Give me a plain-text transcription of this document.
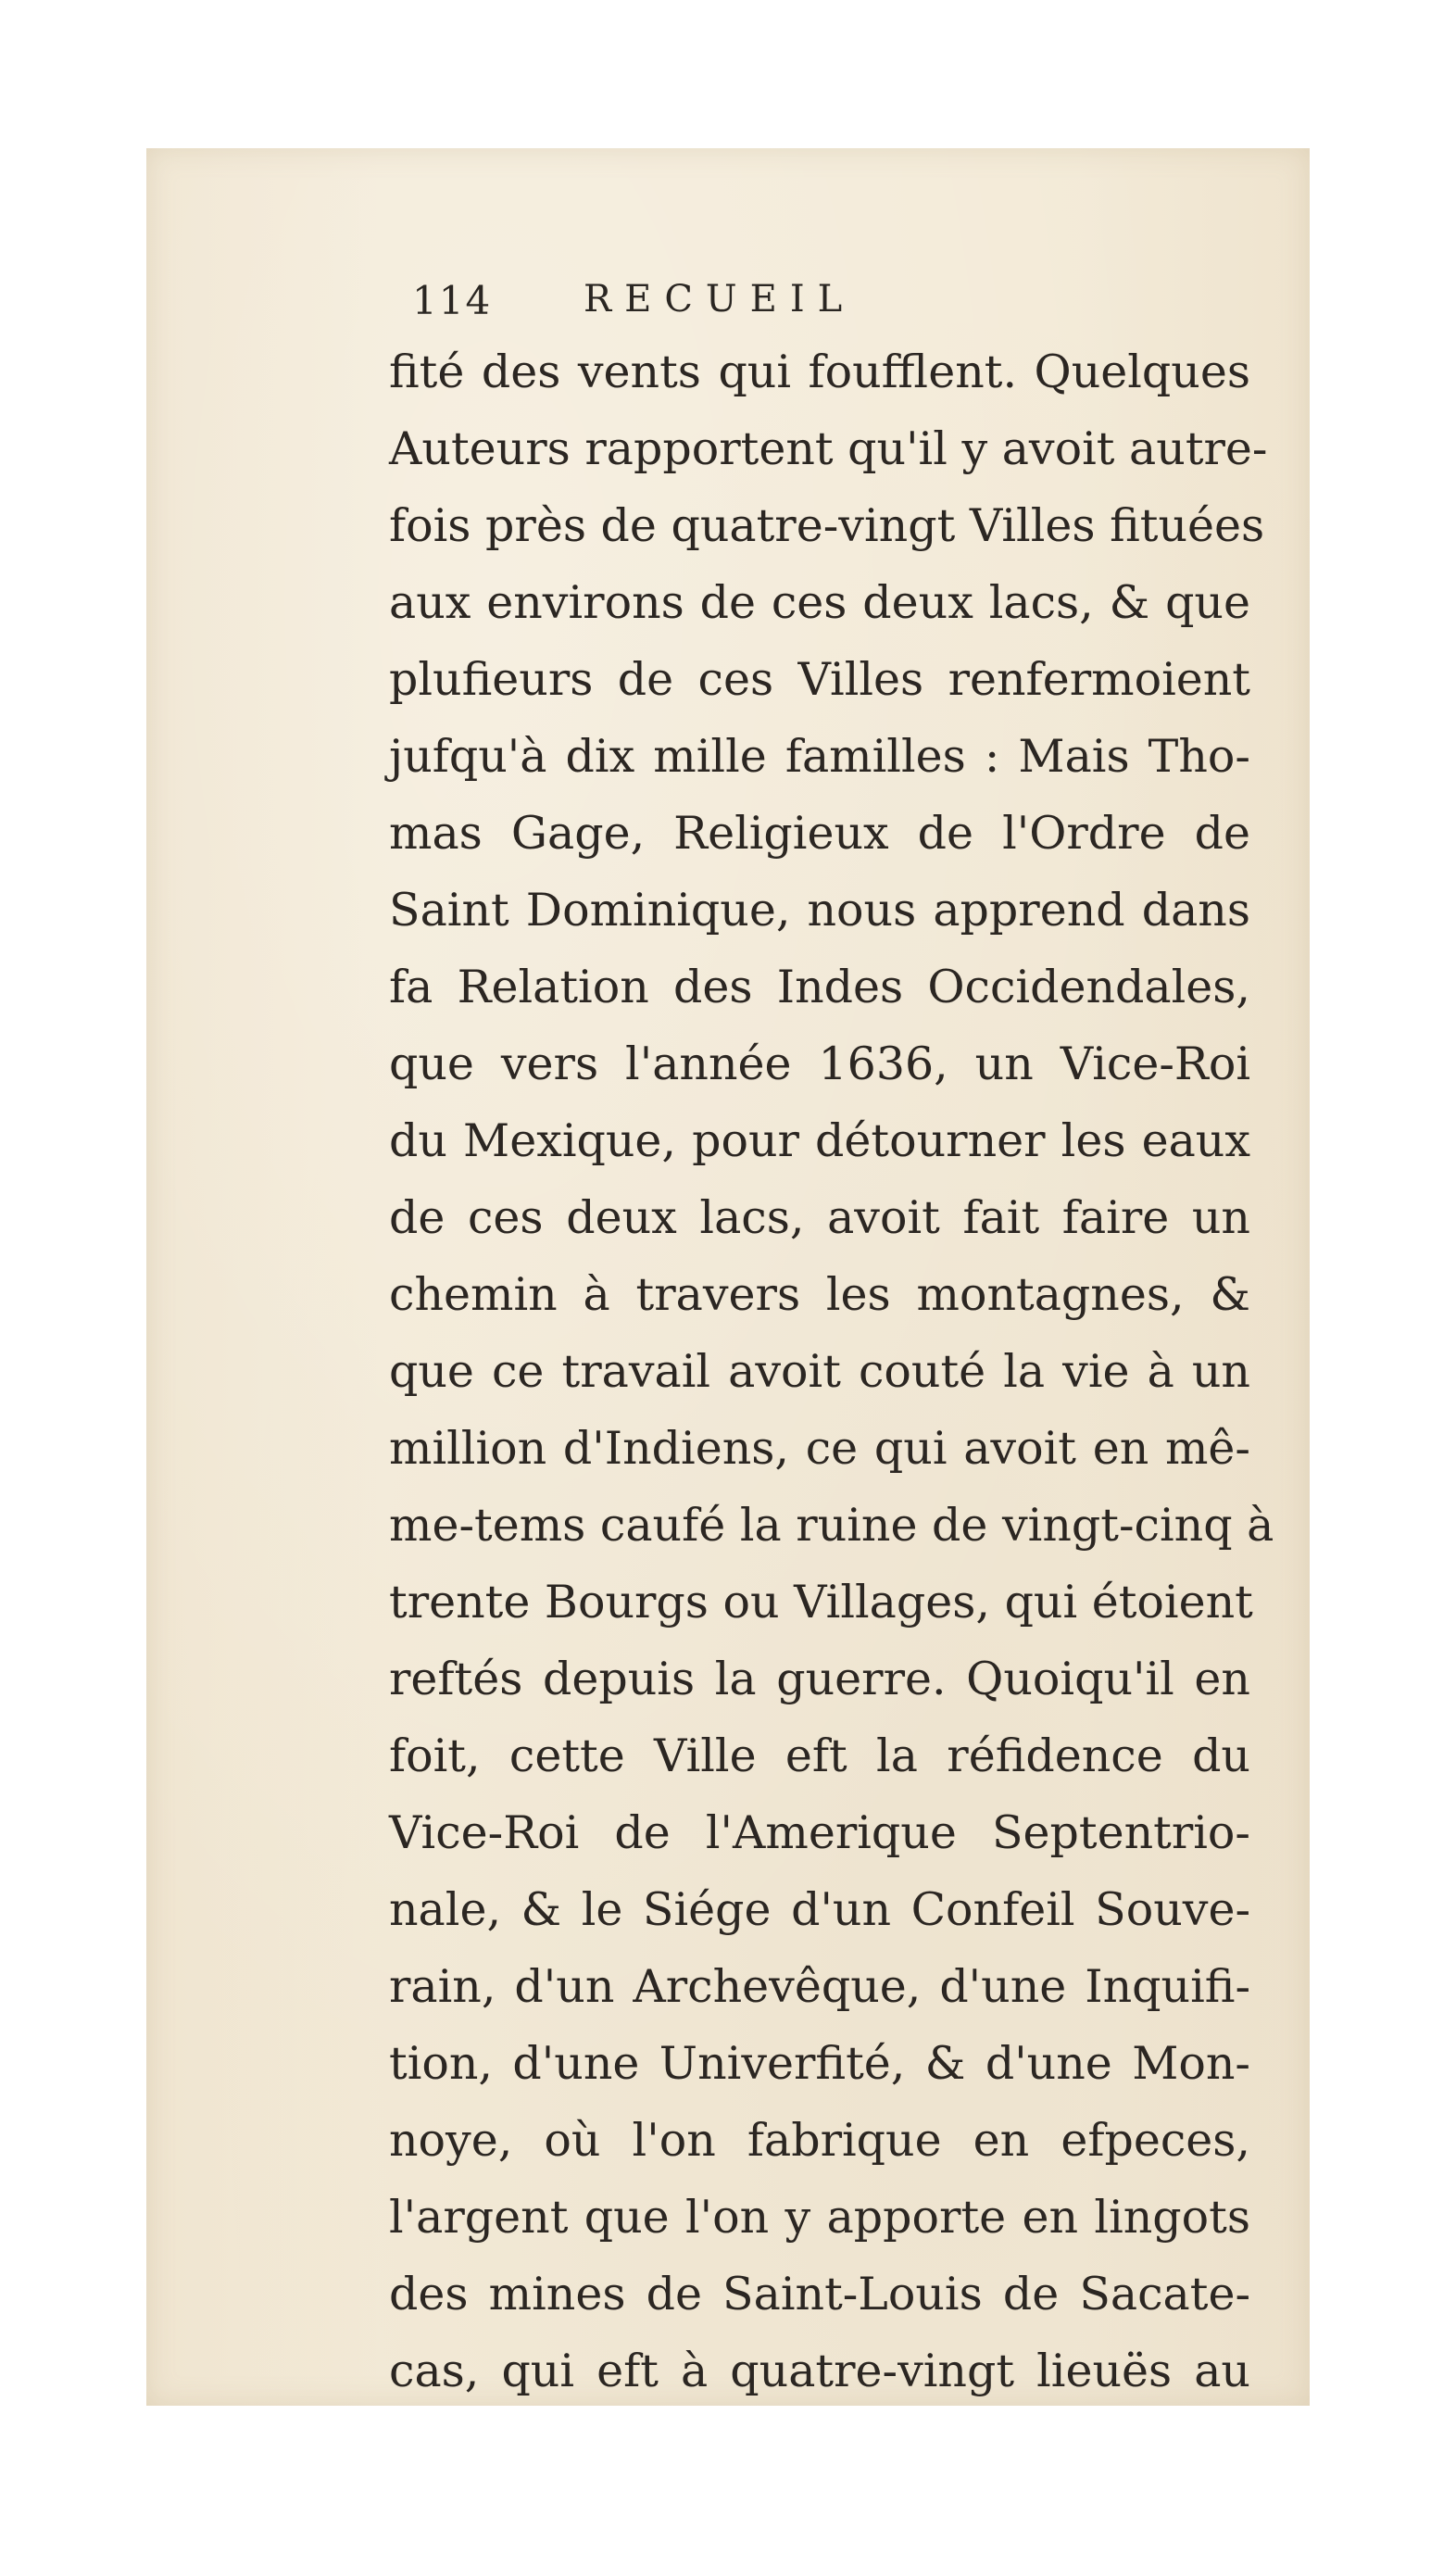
114 RECUEIL
fité des vents qui foufflent. Quelques
Auteurs rapportent qu'il y avoit autre-
fois près de quatre-vingt Villes fituées
aux environs de ces deux lacs, & que
plufieurs de ces Villes renfermoient
jufqu'à dix mille familles : Mais Tho-
mas Gage, Religieux de l'Ordre de
Saint Dominique, nous apprend dans
fa Relation des Indes Occidendales,
que vers l'année 1636, un Vice-Roi
du Mexique, pour détourner les eaux
de ces deux lacs, avoit fait faire un
chemin à travers les montagnes, &
que ce travail avoit couté la vie à un
million d'Indiens, ce qui avoit en mê-
me-tems caufé la ruine de vingt-cinq à
trente Bourgs ou Villages, qui étoient
reftés depuis la guerre. Quoiqu'il en
foit, cette Ville eft la réfidence du
Vice-Roi de l'Amerique Septentrio-
nale, & le Siége d'un Confeil Souve-
rain, d'un Archevêque, d'une Inquifi-
tion, d'une Univerfité, & d'une Mon-
noye, où l'on fabrique en efpeces,
l'argent que l'on y apporte en lingots
des mines de Saint-Louis de Sacate-
cas, qui eft à quatre-vingt lieuës au
